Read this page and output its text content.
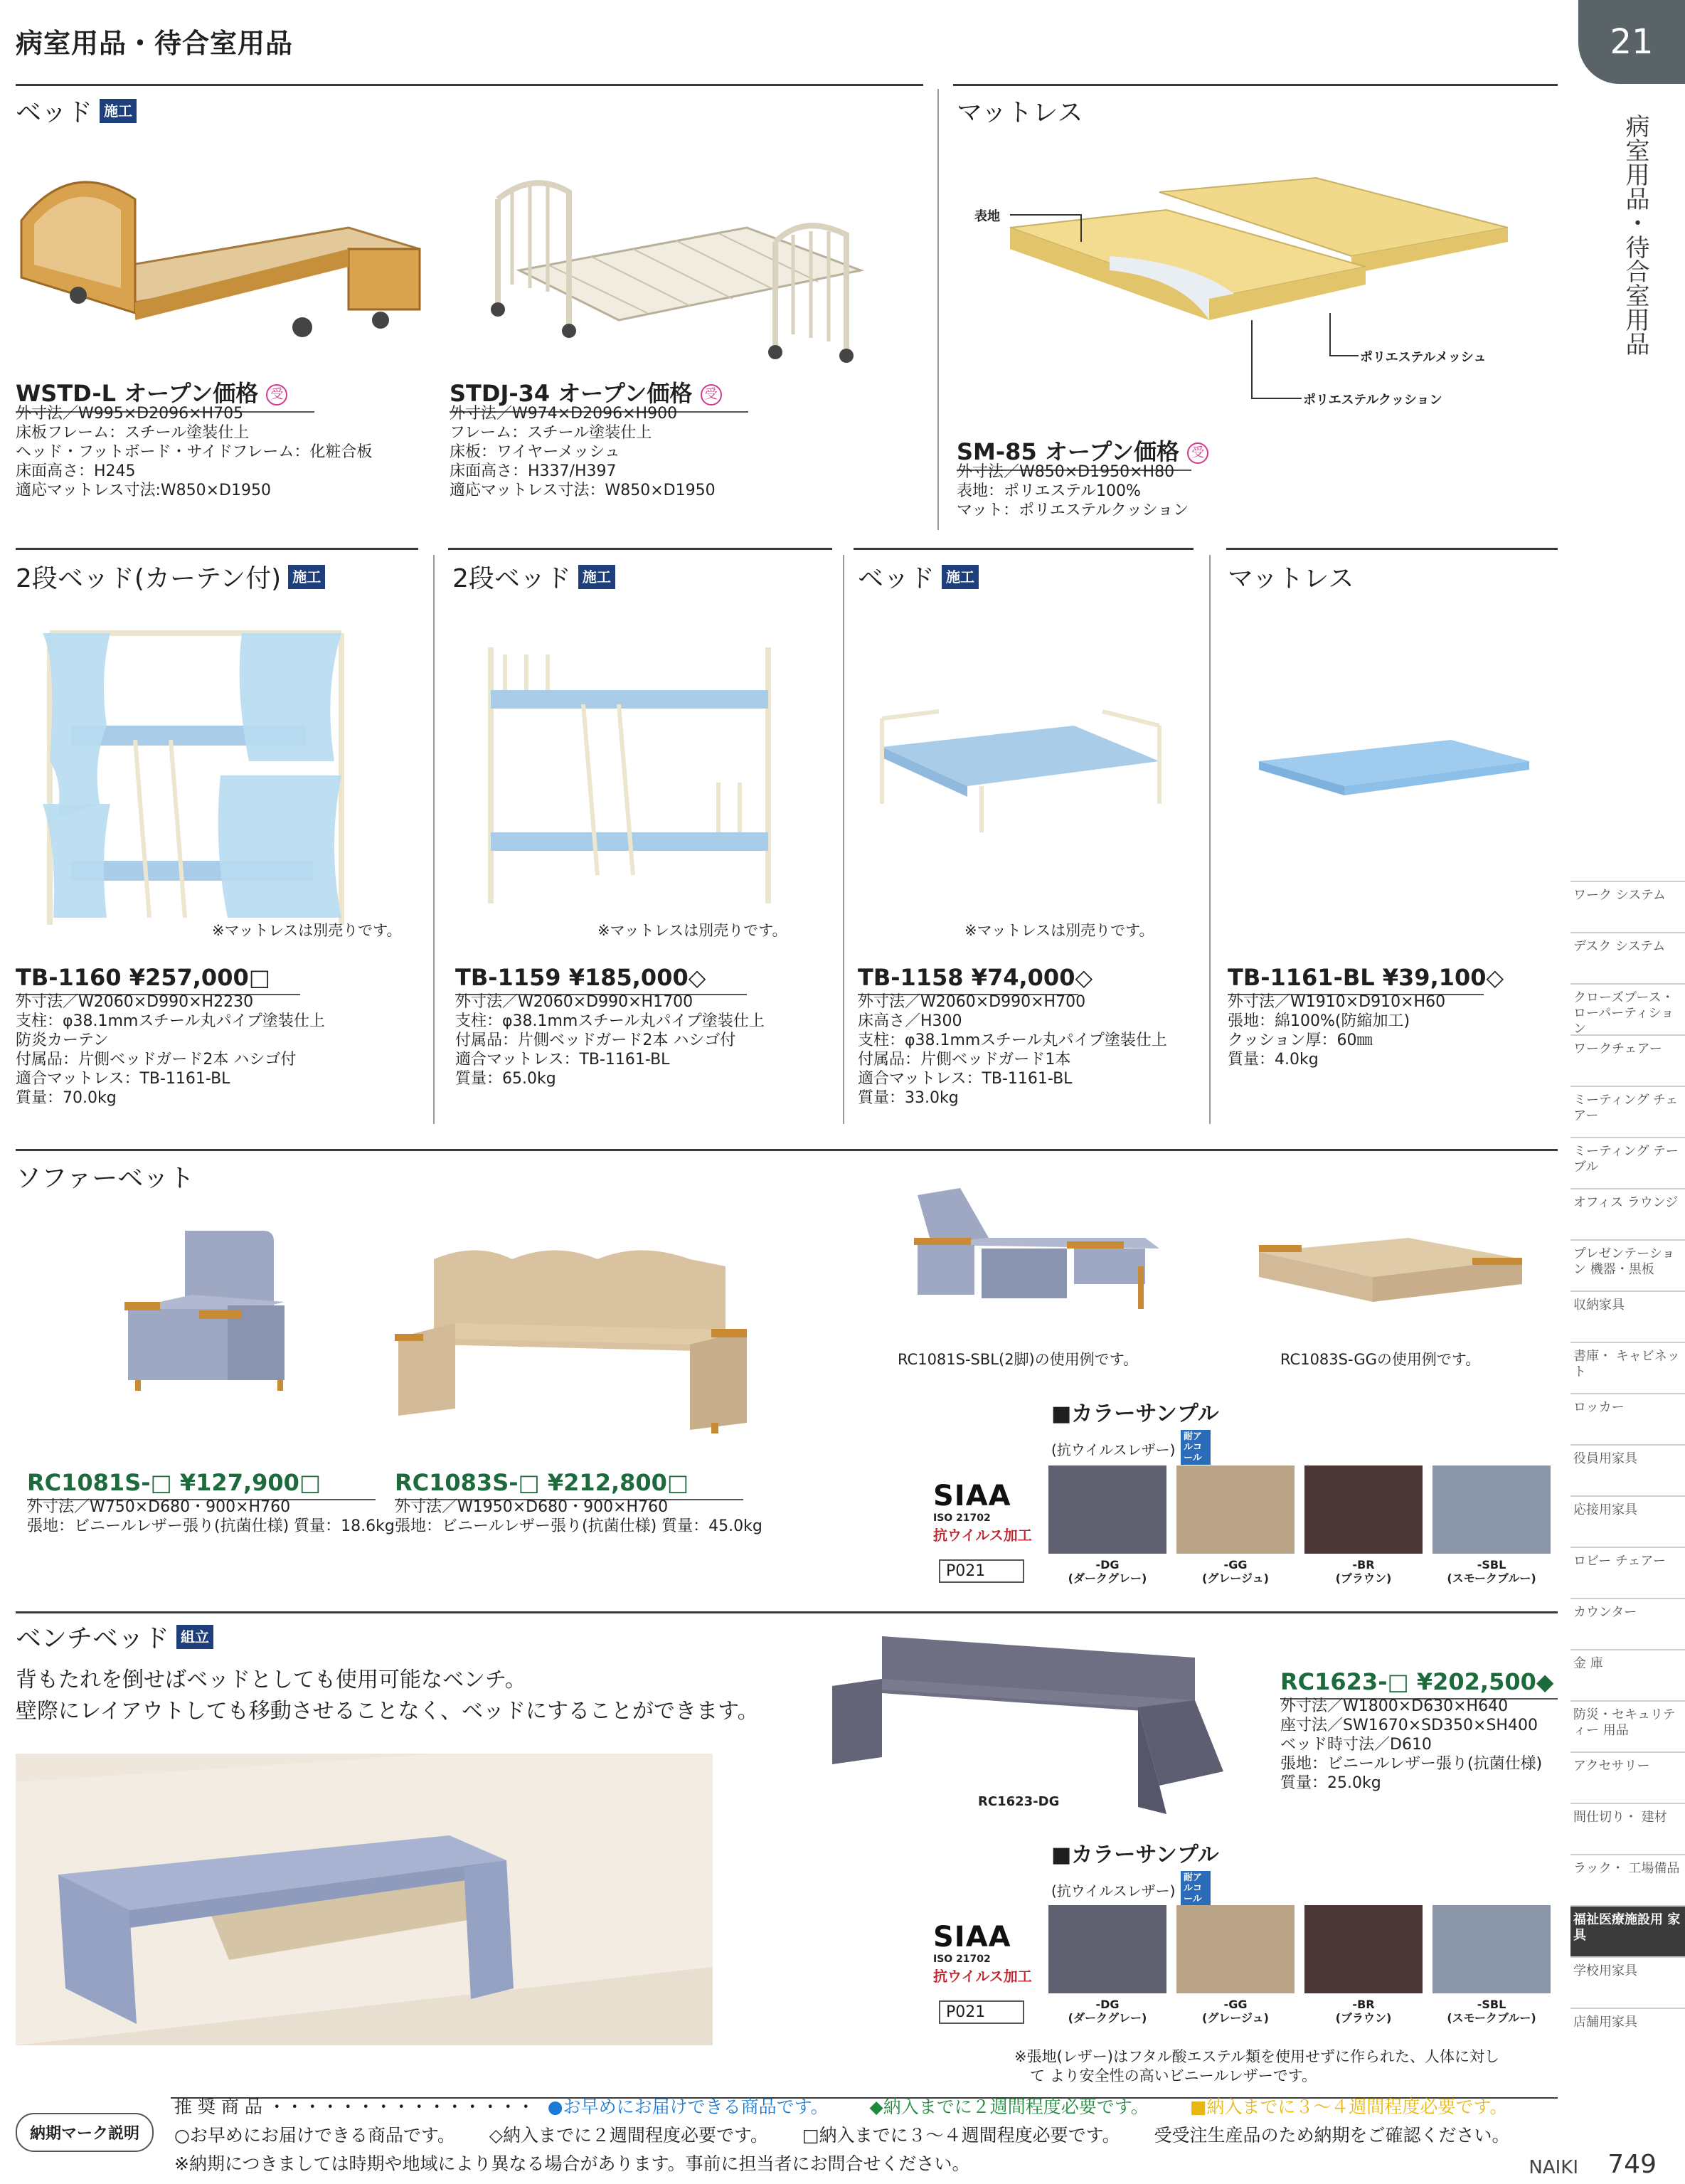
病室用品・待合室用品	21
病室用品・待合室用品
ベッド 施工
WSTD-L オープン価格 受
外寸法／W995×D2096×H705
床板フレーム：スチール塗装仕上
ヘッド・フットボード・サイドフレーム：化粧合板
床面高さ：H245
適応マットレス寸法:W850×D1950
STDJ-34 オープン価格 受
外寸法／W974×D2096×H900
フレーム：スチール塗装仕上
床板：ワイヤーメッシュ
床面高さ：H337/H397
適応マットレス寸法：W850×D1950
マットレス
表地
ポリエステルメッシュ
ポリエステルクッション
SM-85 オープン価格 受
外寸法／W850×D1950×H80
表地：ポリエステル100%
マット：ポリエステルクッション
2段ベッド(カーテン付) 施工	2段ベッド 施工	ベッド 施工	マットレス
※マットレスは別売りです。	※マットレスは別売りです。	※マットレスは別売りです。
TB-1160 ¥257,000□
外寸法／W2060×D990×H2230
支柱：φ38.1mmスチール丸パイプ塗装仕上
防炎カーテン
付属品：片側ベッドガード2本 ハシゴ付
適合マットレス：TB-1161-BL
質量：70.0kg
TB-1159 ¥185,000◇
外寸法／W2060×D990×H1700
支柱：φ38.1mmスチール丸パイプ塗装仕上
付属品：片側ベッドガード2本 ハシゴ付
適合マットレス：TB-1161-BL
質量：65.0kg
TB-1158 ¥74,000◇
外寸法／W2060×D990×H700
床高さ／H300
支柱：φ38.1mmスチール丸パイプ塗装仕上
付属品：片側ベッドガード1本
適合マットレス：TB-1161-BL
質量：33.0kg
TB-1161-BL ¥39,100◇
外寸法／W1910×D910×H60
張地：綿100%(防縮加工)
クッション厚：60㎜
質量：4.0kg
ソファーベット
RC1081S-SBL(2脚)の使用例です。	RC1083S-GGの使用例です。
RC1081S-□ ¥127,900□
外寸法／W750×D680・900×H760
張地：ビニールレザー張り(抗菌仕様) 質量：18.6kg
RC1083S-□ ¥212,800□
外寸法／W1950×D680・900×H760
張地：ビニールレザー張り(抗菌仕様) 質量：45.0kg
■カラーサンプル
(抗ウイルスレザー)
耐アルコール
SIAA
ISO 21702
抗ウイルス加工
P021	-DG
(ダークグレー)
-GG
(グレージュ)
-BR
(ブラウン)
-SBL
(スモークブルー)
ベンチベッド 組立
背もたれを倒せばベッドとしても使用可能なベンチ。
壁際にレイアウトしても移動させることなく、ベッドにすることができます。
RC1623-DG
RC1623-□ ¥202,500◆
外寸法／W1800×D630×H640
座寸法／SW1670×SD350×SH400
ベッド時寸法／D610
張地：ビニールレザー張り(抗菌仕様)
質量：25.0kg
■カラーサンプル
(抗ウイルスレザー)
耐アルコール
SIAA
ISO 21702
抗ウイルス加工
P021	-DG
(ダークグレー)
-GG
(グレージュ)
-BR
(ブラウン)
-SBL
(スモークブルー)
※張地(レザー)はフタル酸エステル類を使用せずに作られた、人体に対し
て より安全性の高いビニールレザーです。
ワーク システム
デスク システム
クローズブース・ ローパーティション
ワークチェアー
ミーティング チェアー
ミーティング テーブル
オフィス ラウンジ
プレゼンテーション 機器・黒板
収納家具
書庫・ キャビネット
ロッカー
役員用家具
応接用家具
ロビー チェアー
カウンター
金 庫
防災・セキュリティー 用品
アクセサリー
間仕切り・ 建材
ラック・ 工場備品
福祉医療施設用 家具
学校用家具
店舗用家具
納期マーク説明
推 奨 商 品 ・・・・・・・・・・・・・・・ ●お早めにお届けできる商品です。 ◆納入までに２週間程度必要です。 ■納入までに３～４週間程度必要です。
○お早めにお届けできる商品です。 ◇納入までに２週間程度必要です。 □納入までに３～４週間程度必要です。 受受注生産品のため納期をご確認ください。
※納期につきましては時期や地域により異なる場合があります。事前に担当者にお問合せください。	NAIKI 749
